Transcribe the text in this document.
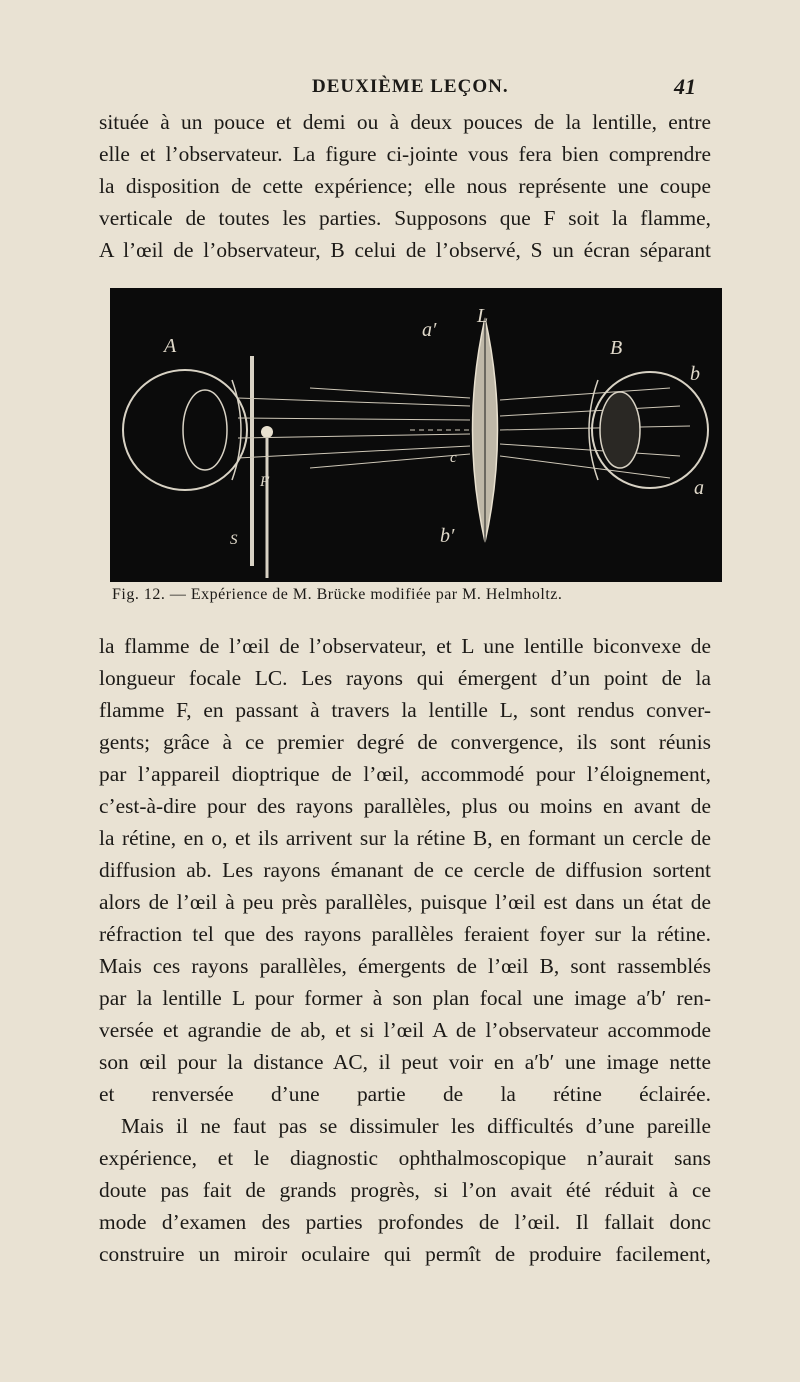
DEUXIÈME LEÇON.	41
située à un pouce et demi ou à deux pouces de la lentille, entre
elle et l’observateur. La figure ci-jointe vous fera bien comprendre
la disposition de cette expérience; elle nous représente une coupe
verticale de toutes les parties. Supposons que F soit la flamme,
A l’œil de l’observateur, B celui de l’observé, S un écran séparant
A
a′
L
B
b
a
c
F
S	b′
Fig. 12. — Expérience de M. Brücke modifiée par M. Helmholtz.
la flamme de l’œil de l’observateur, et L une lentille biconvexe de
longueur focale LC. Les rayons qui émergent d’un point de la
flamme F, en passant à travers la lentille L, sont rendus conver-
gents; grâce à ce premier degré de convergence, ils sont réunis
par l’appareil dioptrique de l’œil, accommodé pour l’éloignement,
c’est-à-dire pour des rayons parallèles, plus ou moins en avant de
la rétine, en o, et ils arrivent sur la rétine B, en formant un cercle de
diffusion ab. Les rayons émanant de ce cercle de diffusion sortent
alors de l’œil à peu près parallèles, puisque l’œil est dans un état de
réfraction tel que des rayons parallèles feraient foyer sur la rétine.
Mais ces rayons parallèles, émergents de l’œil B, sont rassemblés
par la lentille L pour former à son plan focal une image a′b′ ren-
versée et agrandie de ab, et si l’œil A de l’observateur accommode
son œil pour la distance AC, il peut voir en a′b′ une image nette
et renversée d’une partie de la rétine éclairée.
Mais il ne faut pas se dissimuler les difficultés d’une pareille
expérience, et le diagnostic ophthalmoscopique n’aurait sans
doute pas fait de grands progrès, si l’on avait été réduit à ce
mode d’examen des parties profondes de l’œil. Il fallait donc
construire un miroir oculaire qui permît de produire facilement,
